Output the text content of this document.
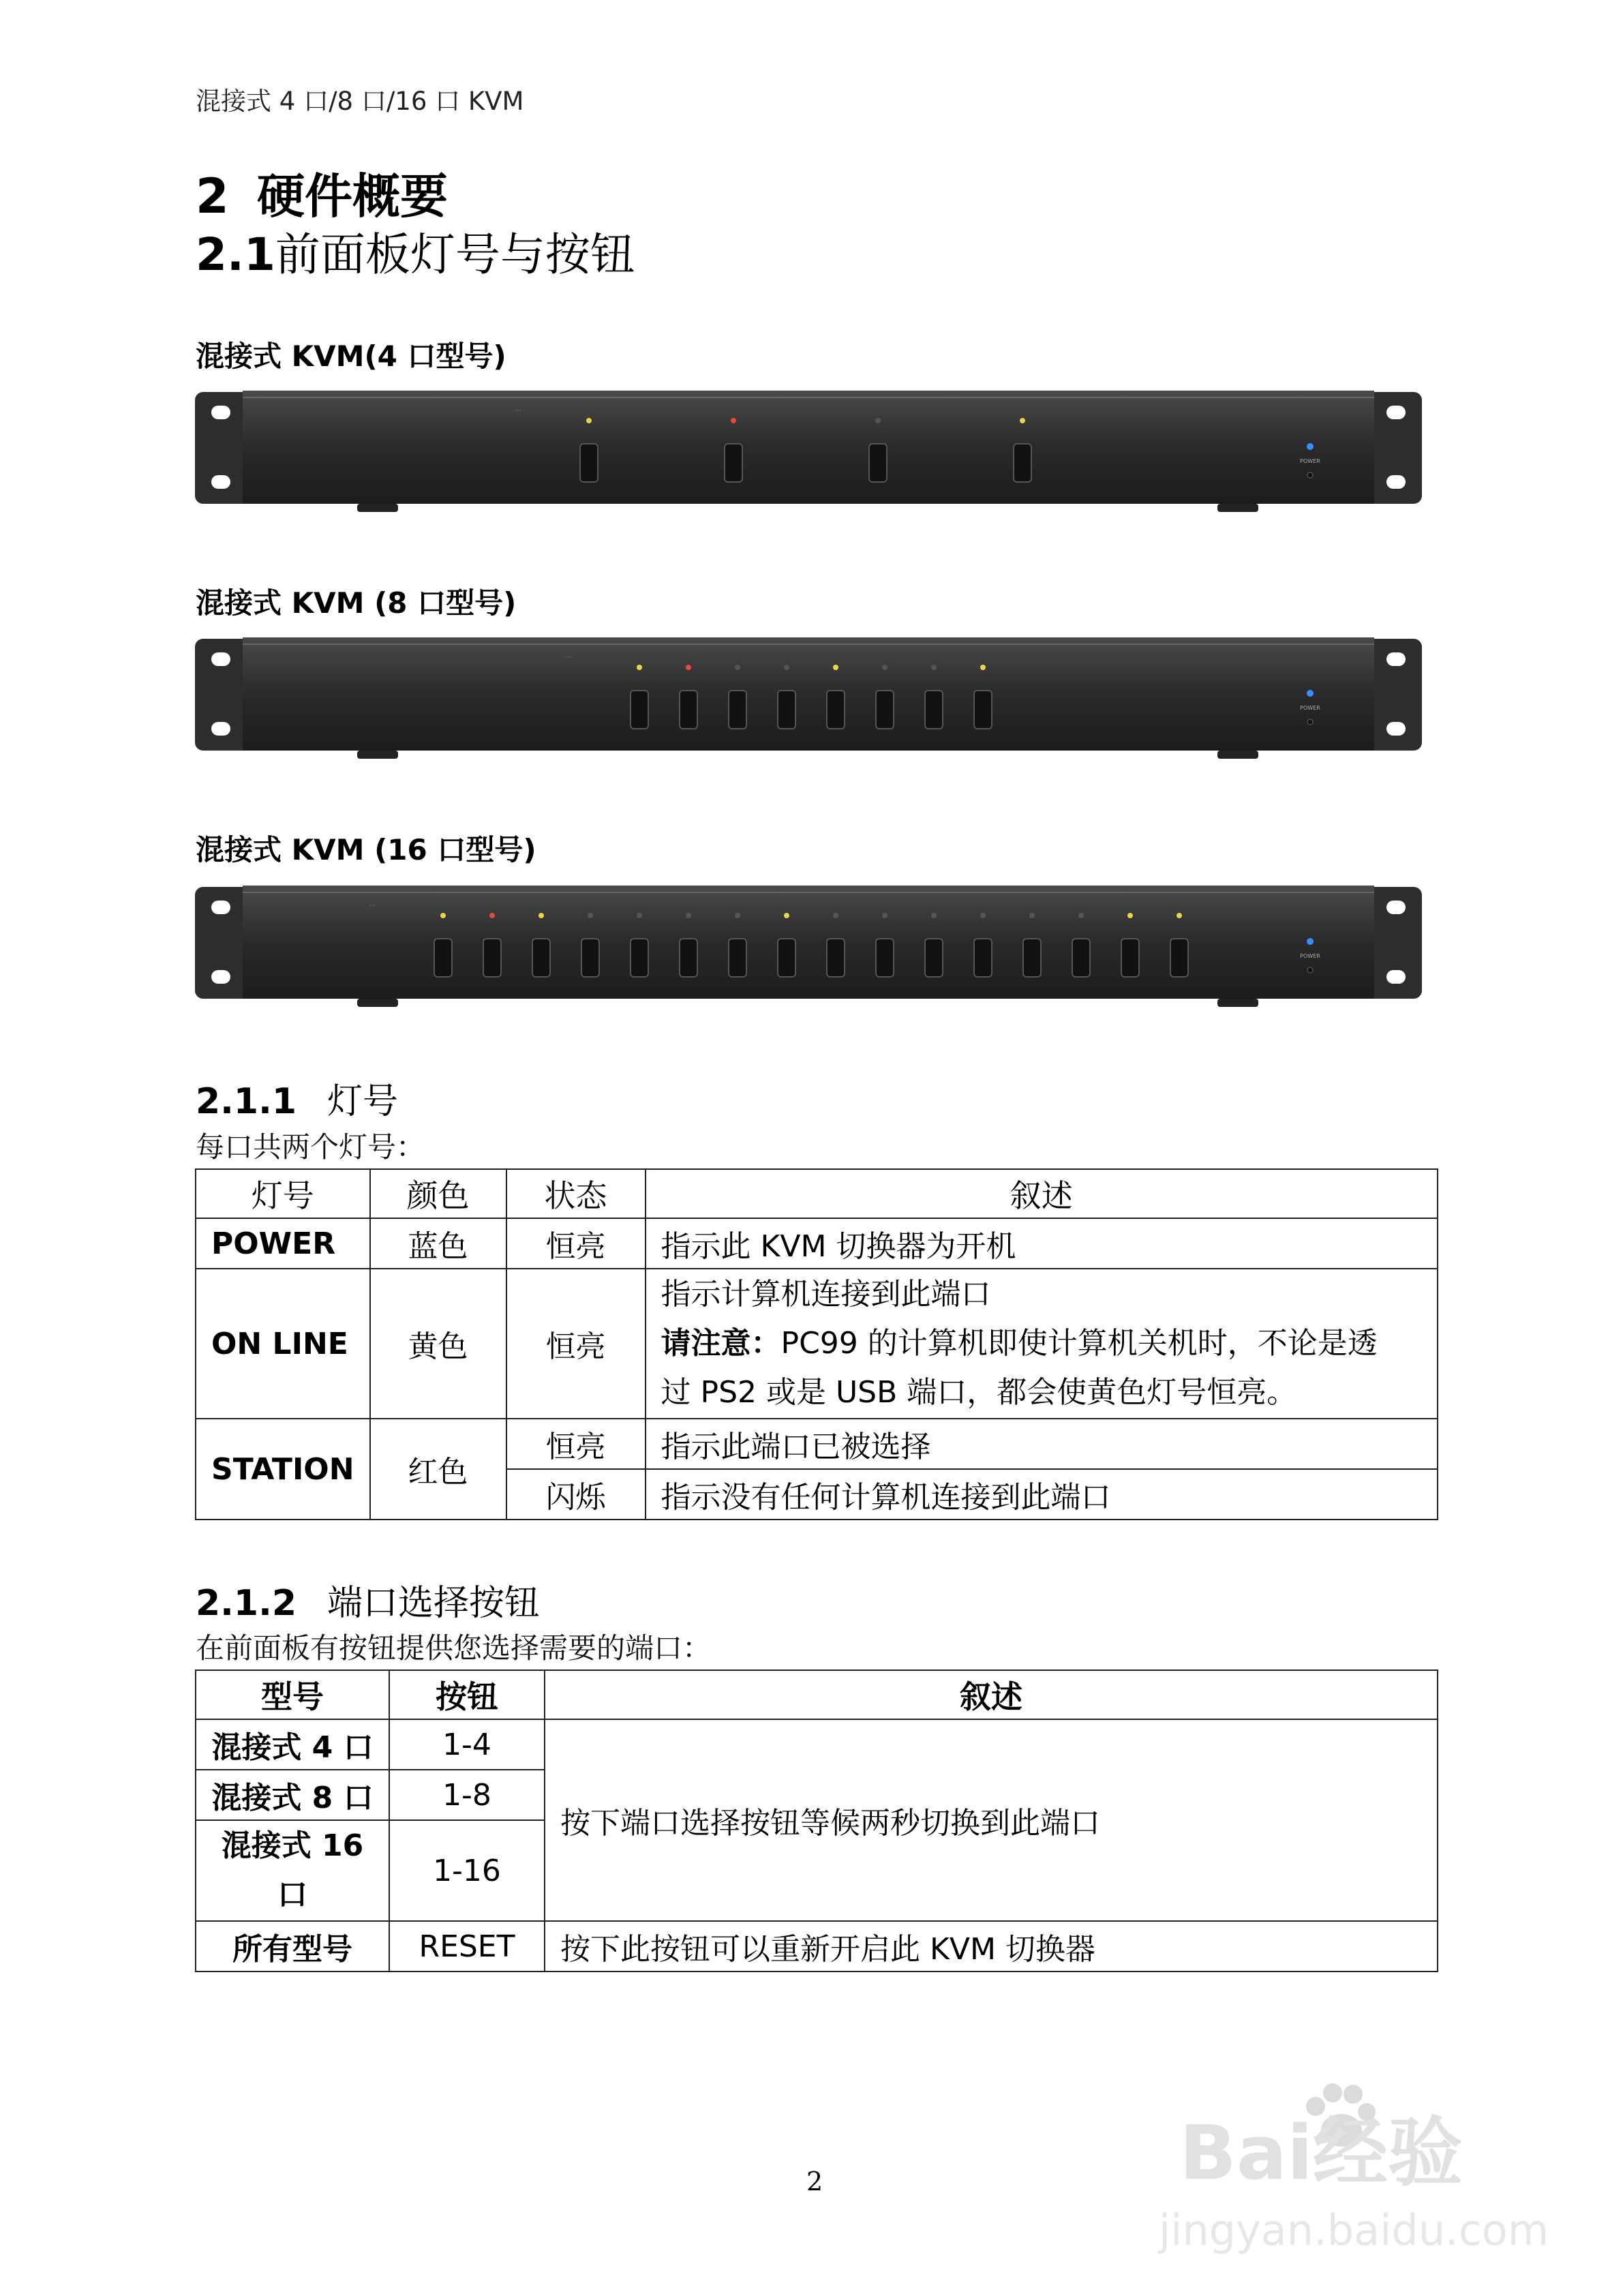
混接式 4 口/8 口/16 口 KVM
2 硬件概要
2.1前面板灯号与按钮
混接式 KVM(4 口型号)
···
POWER
混接式 KVM (8 口型号)
···
POWER
混接式 KVM (16 口型号)
···
POWER
2.1.1 灯号
每口共两个灯号：
灯号	颜色	状态	叙述
POWER	蓝色	恒亮	指示此 KVM 切换器为开机
ON LINE	黄色	恒亮	指示计算机连接到此端口
请注意：PC99 的计算机即使计算机关机时，不论是透
过 PS2 或是 USB 端口，都会使黄色灯号恒亮。

STATION	红色	恒亮	指示此端口已被选择
		闪烁	指示没有任何计算机连接到此端口
2.1.2 端口选择按钮
在前面板有按钮提供您选择需要的端口：
型号	按钮	叙述
混接式 4 口	1-4	按下端口选择按钮等候两秒切换到此端口
混接式 8 口	1-8	

混接式 16
口	1-16	
所有型号	RESET	按下此按钮可以重新开启此 KVM 切换器
2	Bai经验
jingyan.baidu.com
